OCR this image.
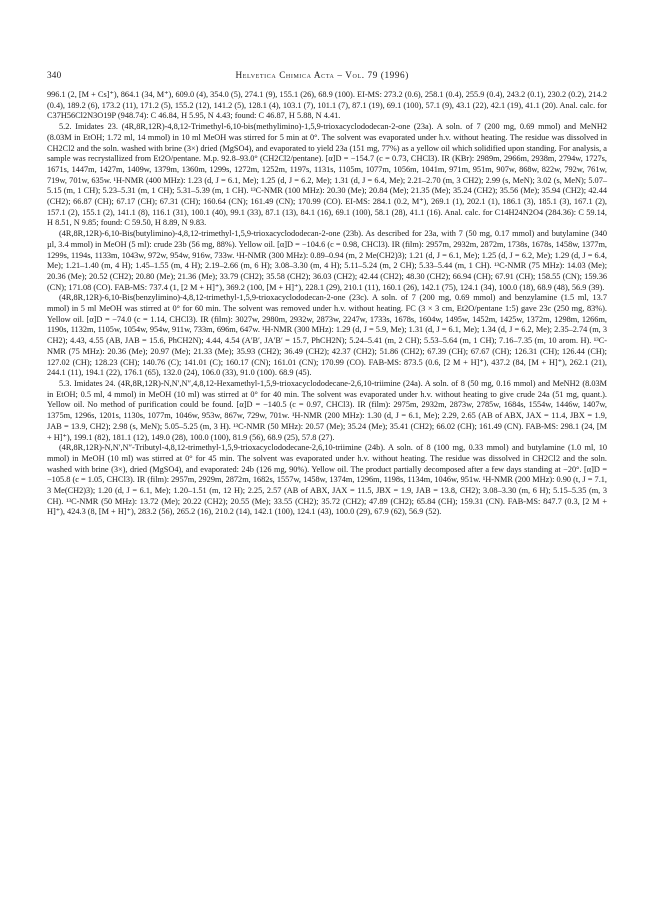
340	Helvetica Chimica Acta – Vol. 79 (1996)

996.1 (2, [M + Cs]⁺), 864.1 (34, M⁺), 609.0 (4), 354.0 (5), 274.1 (9), 155.1 (26), 68.9 (100). EI-MS: 273.2 (0.6), 258.1 (0.4), 255.9 (0.4), 243.2 (0.1), 230.2 (0.2), 214.2 (0.4), 189.2 (6), 173.2 (11), 171.2 (5), 155.2 (12), 141.2 (5), 128.1 (4), 103.1 (7), 101.1 (7), 87.1 (19), 69.1 (100), 57.1 (9), 43.1 (22), 42.1 (19), 41.1 (20). Anal. calc. for C37H56Cl2N3O19P (948.74): C 46.84, H 5.95, N 4.43; found: C 46.87, H 5.88, N 4.41.

5.2. Imidates 23. (4R,8R,12R)-4,8,12-Trimethyl-6,10-bis(methylimino)-1,5,9-trioxacyclododecan-2-one (23a). A soln. of 7 (200 mg, 0.69 mmol) and MeNH2 (8.03M in EtOH; 1.72 ml, 14 mmol) in 10 ml MeOH was stirred for 5 min at 0°. The solvent was evaporated under h.v. without heating. The residue was dissolved in CH2Cl2 and the soln. washed with brine (3×) dried (MgSO4), and evaporated to yield 23a (151 mg, 77%) as a yellow oil which solidified upon standing. For analysis, a sample was recrystallized from Et2O/pentane. M.p. 92.8–93.0° (CH2Cl2/pentane). [α]D = −154.7 (c = 0.73, CHCl3). IR (KBr): 2989m, 2966m, 2938m, 2794w, 1727s, 1671s, 1447m, 1427m, 1409w, 1379m, 1360m, 1299s, 1272m, 1252m, 1197s, 1131s, 1105m, 1077m, 1056m, 1041m, 971m, 951m, 907w, 868w, 822w, 792w, 761w, 719w, 701w, 635w. ¹H-NMR (400 MHz): 1.23 (d, J = 6.1, Me); 1.25 (d, J = 6.2, Me); 1.31 (d, J = 6.4, Me); 2.21–2.70 (m, 3 CH2); 2.99 (s, MeN); 3.02 (s, MeN); 5.07–5.15 (m, 1 CH); 5.23–5.31 (m, 1 CH); 5.31–5.39 (m, 1 CH). ¹³C-NMR (100 MHz): 20.30 (Me); 20.84 (Me); 21.35 (Me); 35.24 (CH2); 35.56 (Me); 35.94 (CH2); 42.44 (CH2); 66.87 (CH); 67.17 (CH); 67.31 (CH); 160.64 (CN); 161.49 (CN); 170.99 (CO). EI-MS: 284.1 (0.2, M⁺), 269.1 (1), 202.1 (1), 186.1 (3), 185.1 (3), 167.1 (2), 157.1 (2), 155.1 (2), 141.1 (8), 116.1 (31), 100.1 (40), 99.1 (33), 87.1 (13), 84.1 (16), 69.1 (100), 58.1 (28), 41.1 (16). Anal. calc. for C14H24N2O4 (284.36): C 59.14, H 8.51, N 9.85; found: C 59.50, H 8.89, N 9.83.

(4R,8R,12R)-6,10-Bis(butylimino)-4,8,12-trimethyl-1,5,9-trioxacyclododecan-2-one (23b). As described for 23a, with 7 (50 mg, 0.17 mmol) and butylamine (340 µl, 3.4 mmol) in MeOH (5 ml): crude 23b (56 mg, 88%). Yellow oil. [α]D = −104.6 (c = 0.98, CHCl3). IR (film): 2957m, 2932m, 2872m, 1738s, 1678s, 1458w, 1377m, 1299s, 1194s, 1133m, 1043w, 972w, 954w, 916w, 733w. ¹H-NMR (300 MHz): 0.89–0.94 (m, 2 Me(CH2)3); 1.21 (d, J = 6.1, Me); 1.25 (d, J = 6.2, Me); 1.29 (d, J = 6.4, Me); 1.21–1.40 (m, 4 H); 1.45–1.55 (m, 4 H); 2.19–2.66 (m, 6 H); 3.08–3.30 (m, 4 H); 5.11–5.24 (m, 2 CH); 5.33–5.44 (m, 1 CH). ¹³C-NMR (75 MHz): 14.03 (Me); 20.36 (Me); 20.52 (CH2); 20.80 (Me); 21.36 (Me); 33.79 (CH2); 35.58 (CH2); 36.03 (CH2); 42.44 (CH2); 48.30 (CH2); 66.94 (CH); 67.91 (CH); 158.55 (CN); 159.36 (CN); 171.08 (CO). FAB-MS: 737.4 (1, [2 M + H]⁺), 369.2 (100, [M + H]⁺), 228.1 (29), 210.1 (11), 160.1 (26), 142.1 (75), 124.1 (34), 100.0 (18), 68.9 (48), 56.9 (39).

(4R,8R,12R)-6,10-Bis(benzylimino)-4,8,12-trimethyl-1,5,9-trioxacyclododecan-2-one (23c). A soln. of 7 (200 mg, 0.69 mmol) and benzylamine (1.5 ml, 13.7 mmol) in 5 ml MeOH was stirred at 0° for 60 min. The solvent was removed under h.v. without heating. FC (3 × 3 cm, Et2O/pentane 1:5) gave 23c (250 mg, 83%). Yellow oil. [α]D = −74.0 (c = 1.14, CHCl3). IR (film): 3027w, 2980m, 2932w, 2873w, 2247w, 1733s, 1678s, 1604w, 1495w, 1452m, 1425w, 1372m, 1298m, 1266m, 1190s, 1132m, 1105w, 1054w, 954w, 911w, 733m, 696m, 647w. ¹H-NMR (300 MHz): 1.29 (d, J = 5.9, Me); 1.31 (d, J = 6.1, Me); 1.34 (d, J = 6.2, Me); 2.35–2.74 (m, 3 CH2); 4.43, 4.55 (AB, JAB = 15.6, PhCH2N); 4.44, 4.54 (A′B′, JA′B′ = 15.7, PhCH2N); 5.24–5.41 (m, 2 CH); 5.53–5.64 (m, 1 CH); 7.16–7.35 (m, 10 arom. H). ¹³C-NMR (75 MHz): 20.36 (Me); 20.97 (Me); 21.33 (Me); 35.93 (CH2); 36.49 (CH2); 42.37 (CH2); 51.86 (CH2); 67.39 (CH); 67.67 (CH); 126.31 (CH); 126.44 (CH); 127.02 (CH); 128.23 (CH); 140.76 (C); 141.01 (C); 160.17 (CN); 161.01 (CN); 170.99 (CO). FAB-MS: 873.5 (0.6, [2 M + H]⁺), 437.2 (84, [M + H]⁺), 262.1 (21), 244.1 (11), 194.1 (22), 176.1 (65), 132.0 (24), 106.0 (33), 91.0 (100). 68.9 (45).

5.3. Imidates 24. (4R,8R,12R)-N,N′,N″,4,8,12-Hexamethyl-1,5,9-trioxacyclododecane-2,6,10-triimine (24a). A soln. of 8 (50 mg, 0.16 mmol) and MeNH2 (8.03M in EtOH; 0.5 ml, 4 mmol) in MeOH (10 ml) was stirred at 0° for 40 min. The solvent was evaporated under h.v. without heating to give crude 24a (51 mg, quant.). Yellow oil. No method of purification could be found. [α]D = −140.5 (c = 0.97, CHCl3). IR (film): 2975m, 2932m, 2873w, 2785w, 1684s, 1554w, 1446w, 1407w, 1375m, 1296s, 1201s, 1130s, 1077m, 1046w, 953w, 867w, 729w, 701w. ¹H-NMR (200 MHz): 1.30 (d, J = 6.1, Me); 2.29, 2.65 (AB of ABX, JAX = 11.4, JBX = 1.9, JAB = 13.9, CH2); 2.98 (s, MeN); 5.05–5.25 (m, 3 H). ¹³C-NMR (50 MHz): 20.57 (Me); 35.24 (Me); 35.41 (CH2); 66.02 (CH); 161.49 (CN). FAB-MS: 298.1 (24, [M + H]⁺), 199.1 (82), 181.1 (12), 149.0 (28), 100.0 (100), 81.9 (56), 68.9 (25), 57.8 (27).

(4R,8R,12R)-N,N′,N″-Tributyl-4,8,12-trimethyl-1,5,9-trioxacyclododecane-2,6,10-triimine (24b). A soln. of 8 (100 mg, 0.33 mmol) and butylamine (1.0 ml, 10 mmol) in MeOH (10 ml) was stirred at 0° for 45 min. The solvent was evaporated under h.v. without heating. The residue was dissolved in CH2Cl2 and the soln. washed with brine (3×), dried (MgSO4), and evaporated: 24b (126 mg, 90%). Yellow oil. The product partially decomposed after a few days standing at −20°. [α]D = −105.8 (c = 1.05, CHCl3). IR (film): 2957m, 2929m, 2872m, 1682s, 1557w, 1458w, 1374m, 1296m, 1198s, 1134m, 1046w, 951w. ¹H-NMR (200 MHz): 0.90 (t, J = 7.1, 3 Me(CH2)3); 1.20 (d, J = 6.1, Me); 1.20–1.51 (m, 12 H); 2.25, 2.57 (AB of ABX, JAX = 11.5, JBX = 1.9, JAB = 13.8, CH2); 3.08–3.30 (m, 6 H); 5.15–5.35 (m, 3 CH). ¹³C-NMR (50 MHz): 13.72 (Me); 20.22 (CH2); 20.55 (Me); 33.55 (CH2); 35.72 (CH2); 47.89 (CH2); 65.84 (CH); 159.31 (CN). FAB-MS: 847.7 (0.3, [2 M + H]⁺), 424.3 (8, [M + H]⁺), 283.2 (56), 265.2 (16), 210.2 (14), 142.1 (100), 124.1 (43), 100.0 (29), 67.9 (62), 56.9 (52).
